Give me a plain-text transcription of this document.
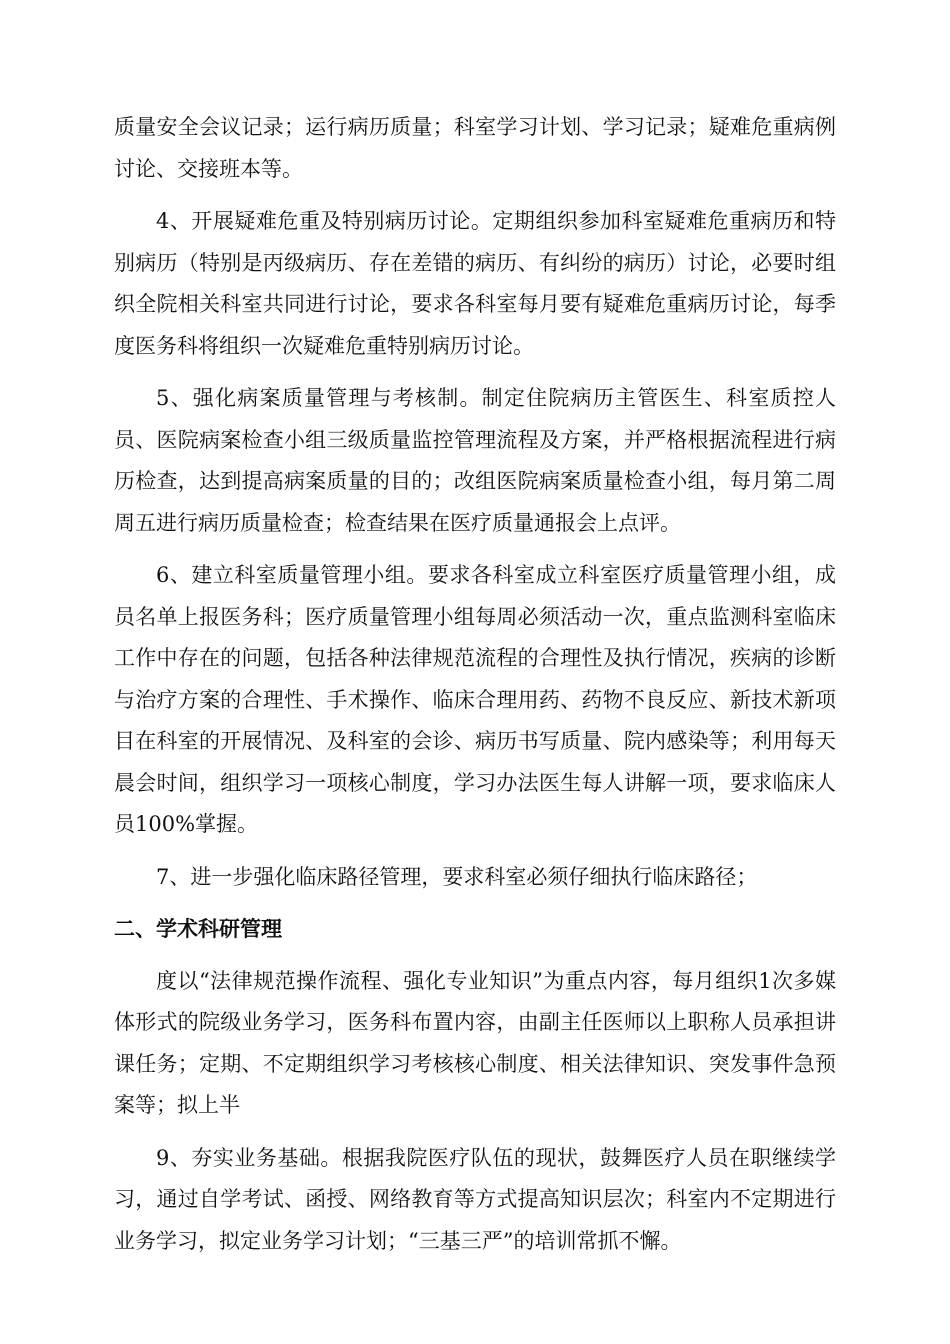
质量安全会议记录；运行病历质量；科室学习计划、学习记录；疑难危重病例讨论、交接班本等。

4、开展疑难危重及特别病历讨论。定期组织参加科室疑难危重病历和特别病历（特别是丙级病历、存在差错的病历、有纠纷的病历）讨论，必要时组织全院相关科室共同进行讨论，要求各科室每月要有疑难危重病历讨论，每季度医务科将组织一次疑难危重特别病历讨论。

5、强化病案质量管理与考核制。制定住院病历主管医生、科室质控人员、医院病案检查小组三级质量监控管理流程及方案，并严格根据流程进行病历检查，达到提高病案质量的目的；改组医院病案质量检查小组，每月第二周周五进行病历质量检查；检查结果在医疗质量通报会上点评。

6、建立科室质量管理小组。要求各科室成立科室医疗质量管理小组，成员名单上报医务科；医疗质量管理小组每周必须活动一次，重点监测科室临床工作中存在的问题，包括各种法律规范流程的合理性及执行情况，疾病的诊断与治疗方案的合理性、手术操作、临床合理用药、药物不良反应、新技术新项目在科室的开展情况、及科室的会诊、病历书写质量、院内感染等；利用每天晨会时间，组织学习一项核心制度，学习办法医生每人讲解一项，要求临床人员100%掌握。

7、进一步强化临床路径管理，要求科室必须仔细执行临床路径；

二、学术科研管理

度以“法律规范操作流程、强化专业知识”为重点内容，每月组织1次多媒体形式的院级业务学习，医务科布置内容，由副主任医师以上职称人员承担讲课任务；定期、不定期组织学习考核核心制度、相关法律知识、突发事件急预案等；拟上半

9、夯实业务基础。根据我院医疗队伍的现状，鼓舞医疗人员在职继续学习，通过自学考试、函授、网络教育等方式提高知识层次；科室内不定期进行业务学习，拟定业务学习计划；“三基三严”的培训常抓不懈。
